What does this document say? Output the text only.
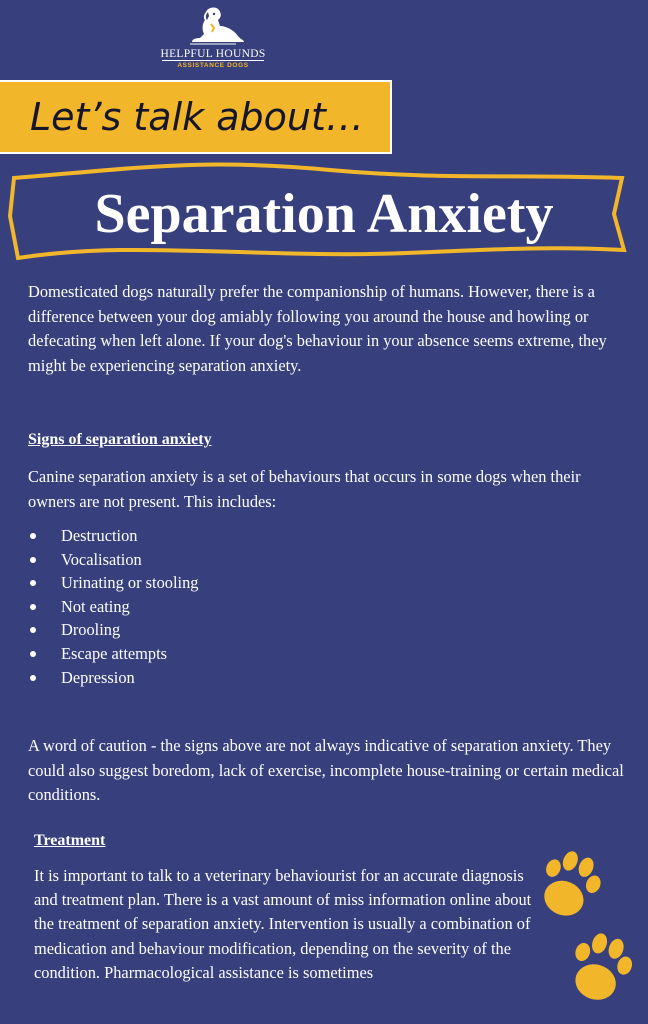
HELPFUL HOUNDS
ASSISTANCE DOGS
Let’s talk about…
Separation Anxiety

Domesticated dogs naturally prefer the companionship of humans. However, there is a difference between your dog amiably following you around the house and howling or defecating when left alone. If your dog's behaviour in your absence seems extreme, they might be experiencing separation anxiety.

Signs of separation anxiety

Canine separation anxiety is a set of behaviours that occurs in some dogs when their owners are not present. This includes:

Destruction
Vocalisation
Urinating or stooling
Not eating
Drooling
Escape attempts
Depression

A word of caution - the signs above are not always indicative of separation anxiety. They could also suggest boredom, lack of exercise, incomplete house-training or certain medical conditions.

Treatment

It is important to talk to a veterinary behaviourist for an accurate diagnosis and treatment plan. There is a vast amount of miss information online about the treatment of separation anxiety. Intervention is usually a combination of medication and behaviour modification, depending on the severity of the condition. Pharmacological assistance is sometimes
